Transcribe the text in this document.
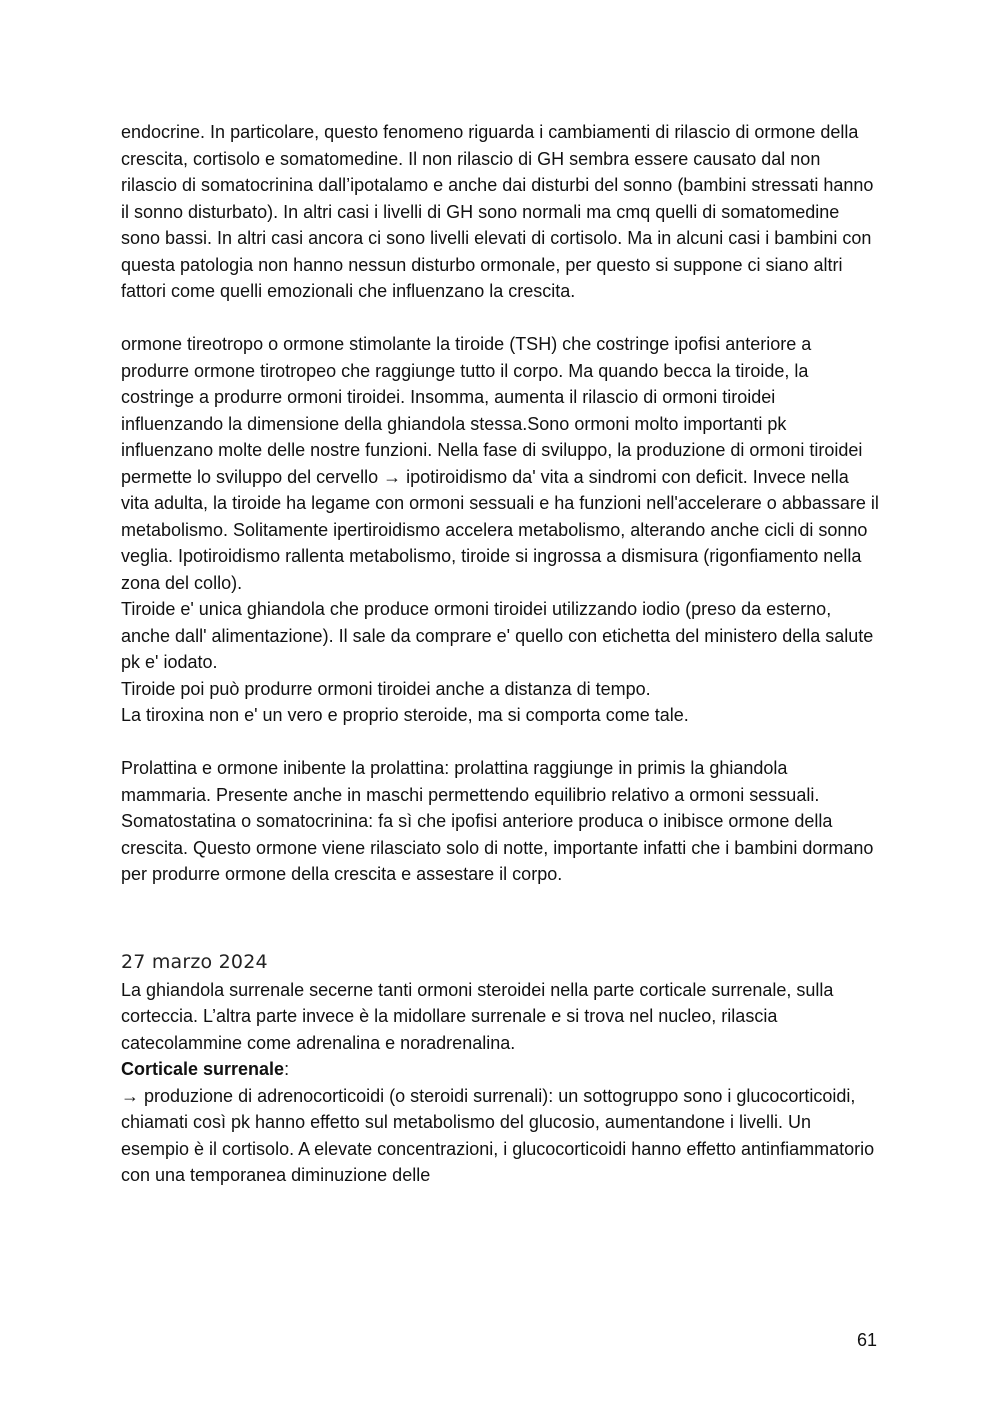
endocrine. In particolare, questo fenomeno riguarda i cambiamenti di rilascio di ormone della crescita, cortisolo e somatomedine. Il non rilascio di GH sembra essere causato dal non rilascio di somatocrinina dall’ipotalamo e anche dai disturbi del sonno (bambini stressati hanno il sonno disturbato). In altri casi i livelli di GH sono normali ma cmq quelli di somatomedine sono bassi. In altri casi ancora ci sono livelli elevati di cortisolo. Ma in alcuni casi i bambini con questa patologia non hanno nessun disturbo ormonale, per questo si suppone ci siano altri fattori come quelli emozionali che influenzano la crescita.

ormone tireotropo o ormone stimolante la tiroide (TSH) che costringe ipofisi anteriore a produrre ormone tirotropeo che raggiunge tutto il corpo. Ma quando becca la tiroide, la costringe a produrre ormoni tiroidei. Insomma, aumenta il rilascio di ormoni tiroidei influenzando la dimensione della ghiandola stessa.Sono ormoni molto importanti pk influenzano molte delle nostre funzioni. Nella fase di sviluppo, la produzione di ormoni tiroidei permette lo sviluppo del cervello → ipotiroidismo da' vita a sindromi con deficit. Invece nella vita adulta, la tiroide ha legame con ormoni sessuali e ha funzioni nell'accelerare o abbassare il metabolismo. Solitamente ipertiroidismo accelera metabolismo, alterando anche cicli di sonno veglia. Ipotiroidismo rallenta metabolismo, tiroide si ingrossa a dismisura (rigonfiamento nella zona del collo).

Tiroide e' unica ghiandola che produce ormoni tiroidei utilizzando iodio (preso da esterno, anche dall' alimentazione). Il sale da comprare e' quello con etichetta del ministero della salute pk e' iodato.

Tiroide poi può produrre ormoni tiroidei anche a distanza di tempo.

La tiroxina non e' un vero e proprio steroide, ma si comporta come tale.

Prolattina e ormone inibente la prolattina: prolattina raggiunge in primis la ghiandola mammaria. Presente anche in maschi permettendo equilibrio relativo a ormoni sessuali.

Somatostatina o somatocrinina: fa sì che ipofisi anteriore produca o inibisce ormone della crescita. Questo ormone viene rilasciato solo di notte, importante infatti che i bambini dormano per produrre ormone della crescita e assestare il corpo.

27 marzo 2024

La ghiandola surrenale secerne tanti ormoni steroidei nella parte corticale surrenale, sulla corteccia. L’altra parte invece è la midollare surrenale e si trova nel nucleo, rilascia catecolammine come adrenalina e noradrenalina.

Corticale surrenale:

→ produzione di adrenocorticoidi (o steroidi surrenali): un sottogruppo sono i glucocorticoidi, chiamati così pk hanno effetto sul metabolismo del glucosio, aumentandone i livelli. Un esempio è il cortisolo. A elevate concentrazioni, i glucocorticoidi hanno effetto antinfiammatorio con una temporanea diminuzione delle

61
